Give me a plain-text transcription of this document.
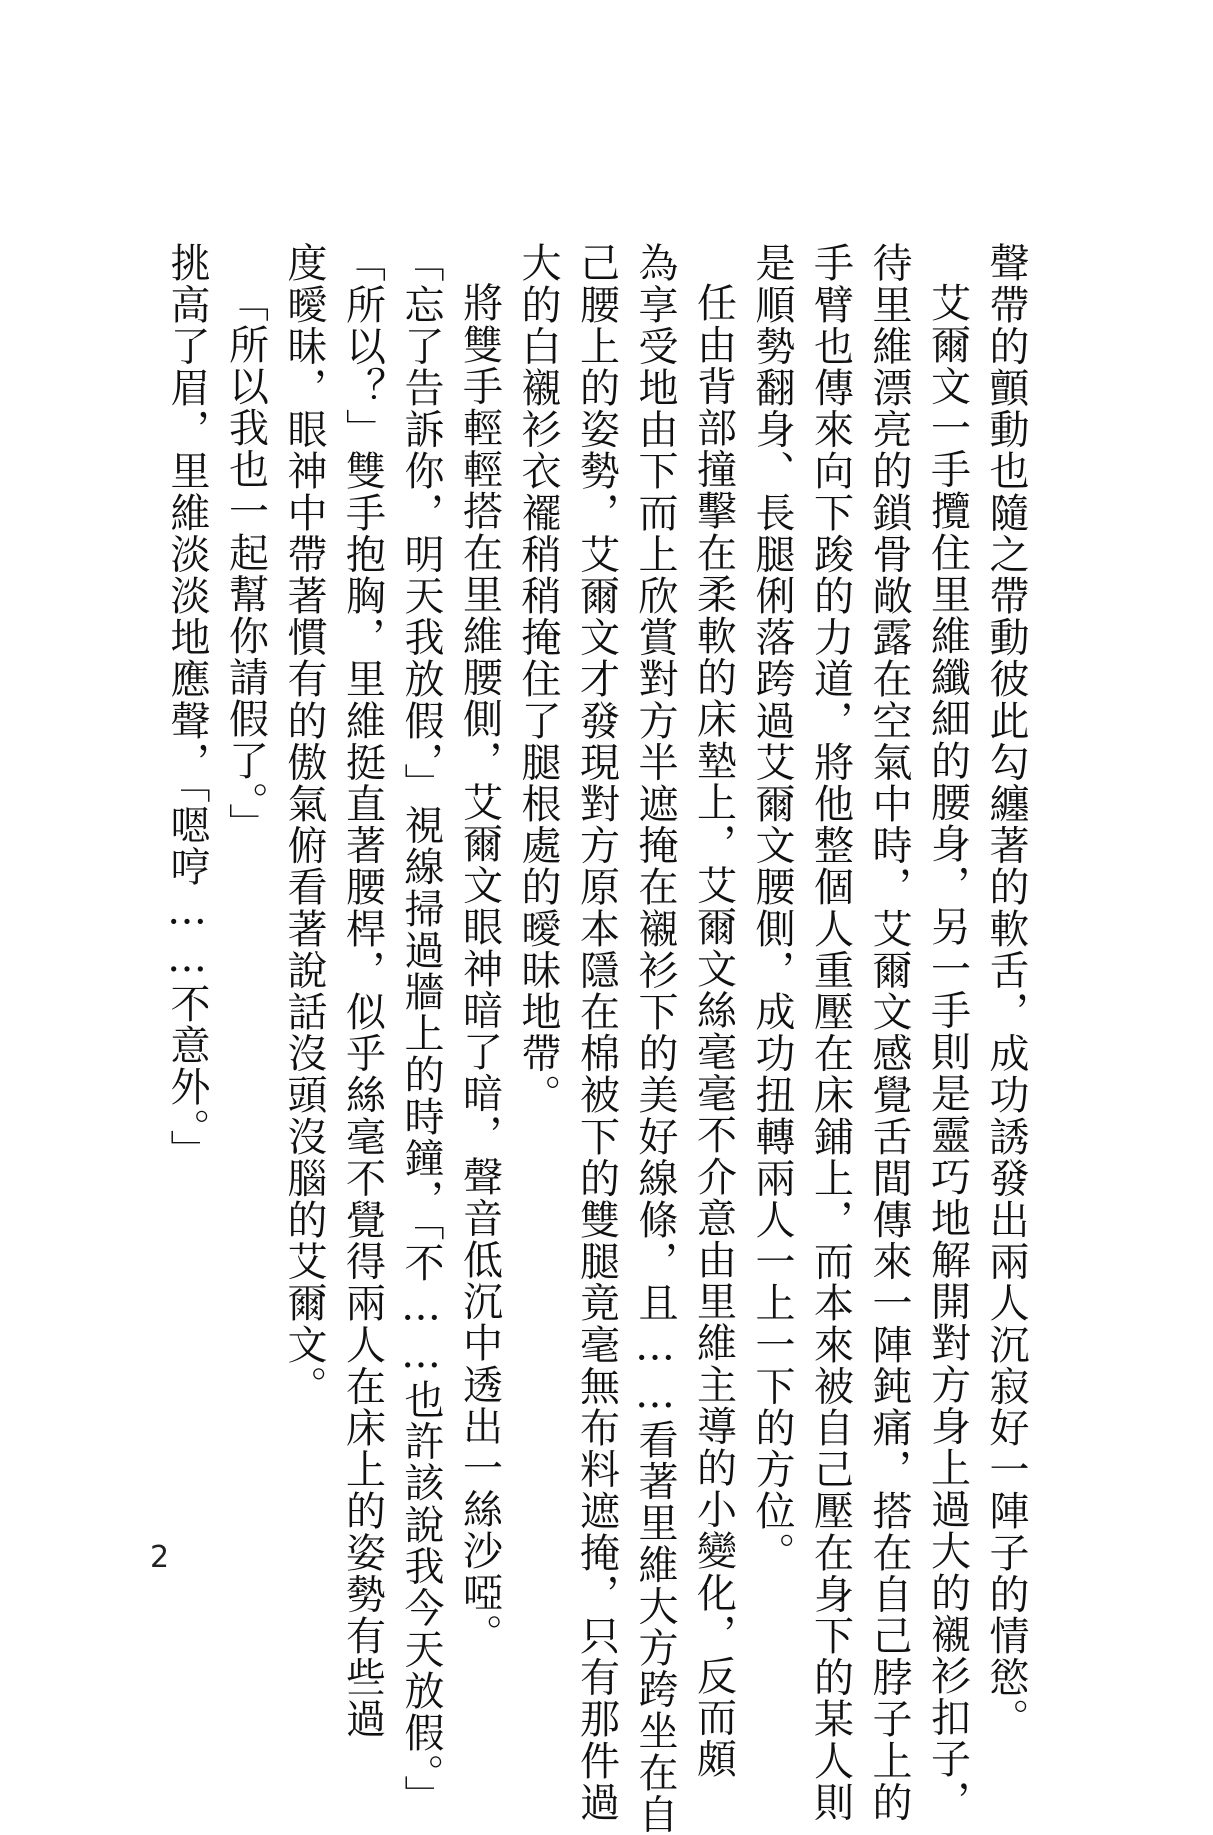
聲帶的顫動也隨之帶動彼此勾纏著的軟舌，成功誘發出兩人沉寂好一陣子的情慾。
艾爾文一手攬住里維纖細的腰身，另一手則是靈巧地解開對方身上過大的襯衫扣子，
待里維漂亮的鎖骨敞露在空氣中時，艾爾文感覺舌間傳來一陣鈍痛，搭在自己脖子上的
手臂也傳來向下踆的力道，將他整個人重壓在床鋪上，而本來被自己壓在身下的某人則
是順勢翻身、長腿俐落跨過艾爾文腰側，成功扭轉兩人一上一下的方位。
任由背部撞擊在柔軟的床墊上，艾爾文絲毫毫不介意由里維主導的小變化，反而頗
為享受地由下而上欣賞對方半遮掩在襯衫下的美好線條，且……看著里維大方跨坐在自
己腰上的姿勢，艾爾文才發現對方原本隱在棉被下的雙腿竟毫無布料遮掩，只有那件過
大的白襯衫衣襬稍稍掩住了腿根處的曖昧地帶。
將雙手輕輕搭在里維腰側，艾爾文眼神暗了暗，聲音低沉中透出一絲沙啞。
「忘了告訴你，明天我放假，」視線掃過牆上的時鐘，「不……也許該說我今天放假。」
「所以？」雙手抱胸，里維挺直著腰桿，似乎絲毫不覺得兩人在床上的姿勢有些過
度曖昧，眼神中帶著慣有的傲氣俯看著說話沒頭沒腦的艾爾文。
「所以我也一起幫你請假了。」
挑高了眉，里維淡淡地應聲，「嗯哼……不意外。」
2
